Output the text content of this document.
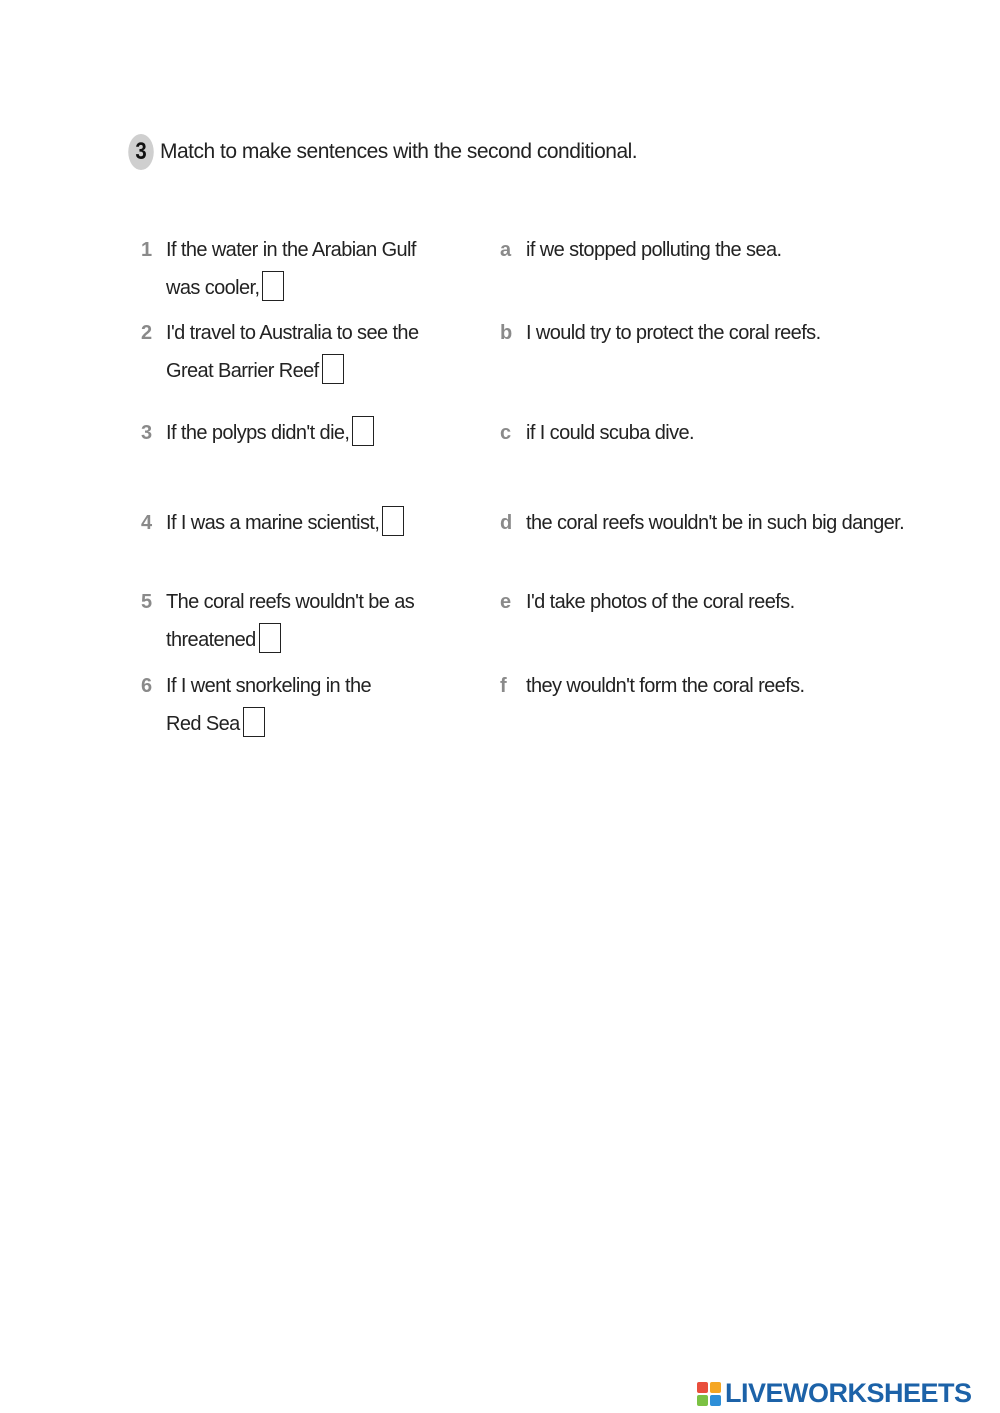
3 Match to make sentences with the second conditional.
1 If the water in the Arabian Gulf
was cooler,
2 I'd travel to Australia to see the
Great Barrier Reef
3 If the polyps didn't die,
4 If I was a marine scientist,
5 The coral reefs wouldn't be as
threatened
6 If I went snorkeling in the
Red Sea
a if we stopped polluting the sea.
b I would try to protect the coral reefs.
c if I could scuba dive.
d the coral reefs wouldn't be in such big danger.
e I'd take photos of the coral reefs.
f they wouldn't form the coral reefs.
LIVEWORKSHEETS
